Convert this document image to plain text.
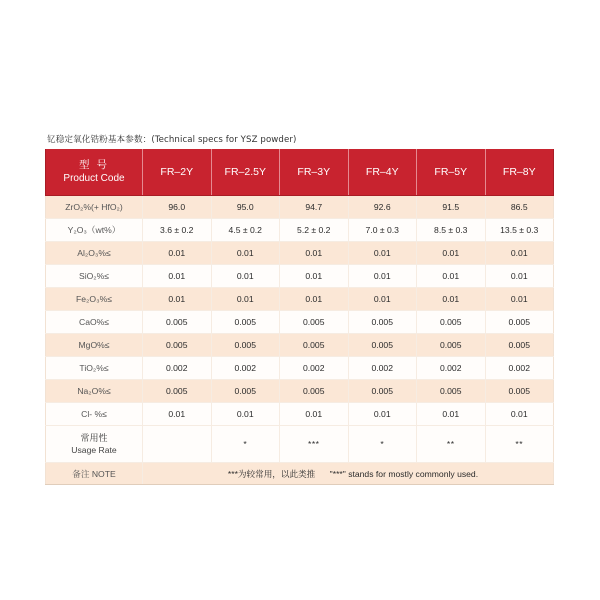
钇稳定氧化锆粉基本参数：(Technical specs for YSZ powder)
型 号
Product Code	FR–2Y	FR–2.5Y	FR–3Y	FR–4Y	FR–5Y	FR–8Y
ZrO₂%(+ HfO₂)	96.0	95.0	94.7	92.6	91.5	86.5
Y₂O₃（wt%）	3.6 ± 0.2	4.5 ± 0.2	5.2 ± 0.2	7.0 ± 0.3	8.5 ± 0.3	13.5 ± 0.3
Al₂O₃%≤	0.01	0.01	0.01	0.01	0.01	0.01
SiO₂%≤	0.01	0.01	0.01	0.01	0.01	0.01
Fe₂O₃%≤	0.01	0.01	0.01	0.01	0.01	0.01
CaO%≤	0.005	0.005	0.005	0.005	0.005	0.005
MgO%≤	0.005	0.005	0.005	0.005	0.005	0.005
TiO₂%≤	0.002	0.002	0.002	0.002	0.002	0.002
Na₂O%≤	0.005	0.005	0.005	0.005	0.005	0.005
Cl- %≤	0.01	0.01	0.01	0.01	0.01	0.01

常用性
Usage Rate		*	***	*	**	**
备注 NOTE	***为较常用，以此类推 "***" stands for mostly commonly used.					
